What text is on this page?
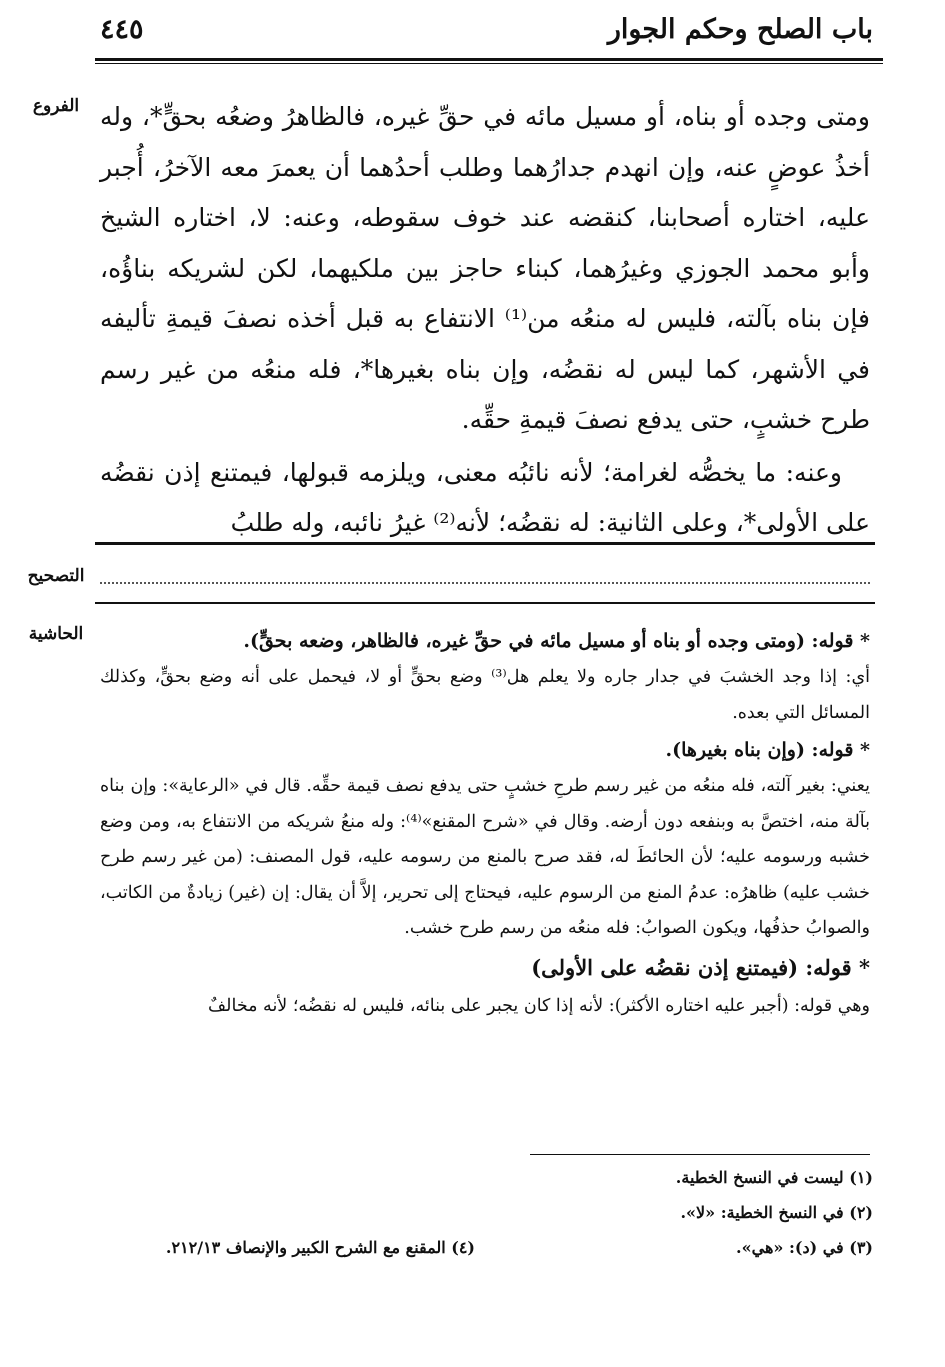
باب الصلح وحكم الجوار
٤٤٥
الفروع
التصحيح
الحاشية

ومتى وجده أو بناه، أو مسيل مائه في حقِّ غيره، فالظاهرُ وضعُه بحقٍّ*، وله أخذُ عوضٍ عنه، وإن انهدم جدارُهما وطلب أحدُهما أن يعمرَ معه الآخرُ، أُجبر عليه، اختاره أصحابنا، كنقضه عند خوف سقوطه، وعنه: لا، اختاره الشيخ وأبو محمد الجوزي وغيرُهما، كبناء حاجز بين ملكيهما، لكن لشريكه بناؤُه، فإن بناه بآلته، فليس له منعُه من⁽¹⁾ الانتفاع به قبل أخذه نصفَ قيمةِ تأليفه في الأشهر، كما ليس له نقضُه، وإن بناه بغيرها*، فله منعُه من غير رسم طرح خشبٍ، حتى يدفع نصفَ قيمةِ حقِّه.

وعنه: ما يخصُّه لغرامة؛ لأنه نائبُه معنى، ويلزمه قبولها، فيمتنع إذن نقضُه على الأولى*، وعلى الثانية: له نقضُه؛ لأنه⁽²⁾ غيرُ نائبه، وله طلبُ

* قوله: (ومتى وجده أو بناه أو مسيل مائه في حقِّ غيره، فالظاهر، وضعه بحقٍّ).

أي: إذا وجد الخشبَ في جدار جاره ولا يعلم هل⁽³⁾ وضع بحقٍّ أو لا، فيحمل على أنه وضع بحقٍّ، وكذلك المسائل التي بعده.

* قوله: (وإن بناه بغيرها).

يعني: بغير آلته، فله منعُه من غير رسم طرحِ خشبٍ حتى يدفع نصف قيمة حقِّه. قال في «الرعاية»: وإن بناه بآلة منه، اختصَّ به وبنفعه دون أرضه. وقال في «شرح المقنع»⁽⁴⁾: وله منعُ شريكه من الانتفاع به، ومن وضع خشبه ورسومه عليه؛ لأن الحائطَ له، فقد صرح بالمنع من رسومه عليه، قول المصنف: (من غير رسم طرح خشب عليه) ظاهرُه: عدمُ المنع من الرسوم عليه، فيحتاج إلى تحرير، إلاَّ أن يقال: إن (غير) زيادةٌ من الكاتب، والصوابُ حذفُها، ويكون الصوابُ: فله منعُه من رسم طرح خشب.

* قوله: (فيمتنع إذن نقضُه على الأولى)

وهي قوله: (أجبر عليه اختاره الأكثر): لأنه إذا كان يجبر على بنائه، فليس له نقضُه؛ لأنه مخالفٌ

(١) ليست في النسخ الخطية.
(٢) في النسخ الخطية: «لا».
(٣) في (د): «هي».
(٤) المقنع مع الشرح الكبير والإنصاف ٢١٢/١٣.
